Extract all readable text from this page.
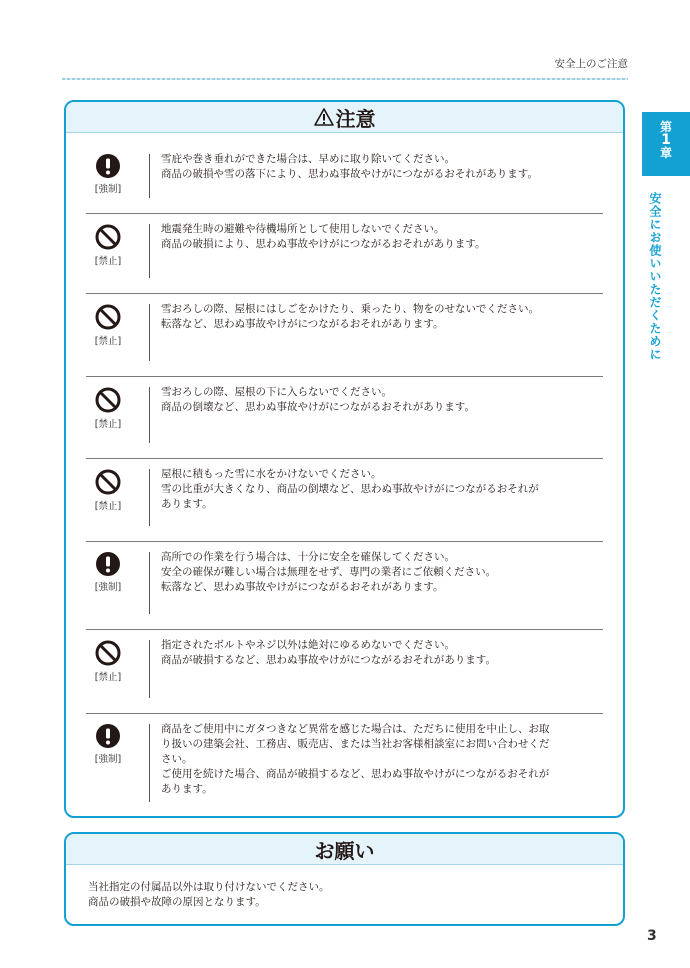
安全上のご注意
第
1
章
安全にお使いいただくために
注意
[強制]

雪庇や巻き垂れができた場合は、早めに取り除いてください。

商品の破損や雪の落下により、思わぬ事故やけがにつながるおそれがあります。

[禁止]

地震発生時の避難や待機場所として使用しないでください。

商品の破損により、思わぬ事故やけがにつながるおそれがあります。

[禁止]

雪おろしの際、屋根にはしごをかけたり、乗ったり、物をのせないでください。

転落など、思わぬ事故やけがにつながるおそれがあります。

[禁止]

雪おろしの際、屋根の下に入らないでください。

商品の倒壊など、思わぬ事故やけがにつながるおそれがあります。

[禁止]

屋根に積もった雪に水をかけないでください。

雪の比重が大きくなり、商品の倒壊など、思わぬ事故やけがにつながるおそれが

あります。

[強制]

高所での作業を行う場合は、十分に安全を確保してください。

安全の確保が難しい場合は無理をせず、専門の業者にご依頼ください。

転落など、思わぬ事故やけがにつながるおそれがあります。

[禁止]

指定されたボルトやネジ以外は絶対にゆるめないでください。

商品が破損するなど、思わぬ事故やけがにつながるおそれがあります。

[強制]

商品をご使用中にガタつきなど異常を感じた場合は、ただちに使用を中止し、お取

り扱いの建築会社、工務店、販売店、または当社お客様相談室にお問い合わせくだ

さい。

ご使用を続けた場合、商品が破損するなど、思わぬ事故やけがにつながるおそれが

あります。

お願い

当社指定の付属品以外は取り付けないでください。

商品の破損や故障の原因となります。

3
